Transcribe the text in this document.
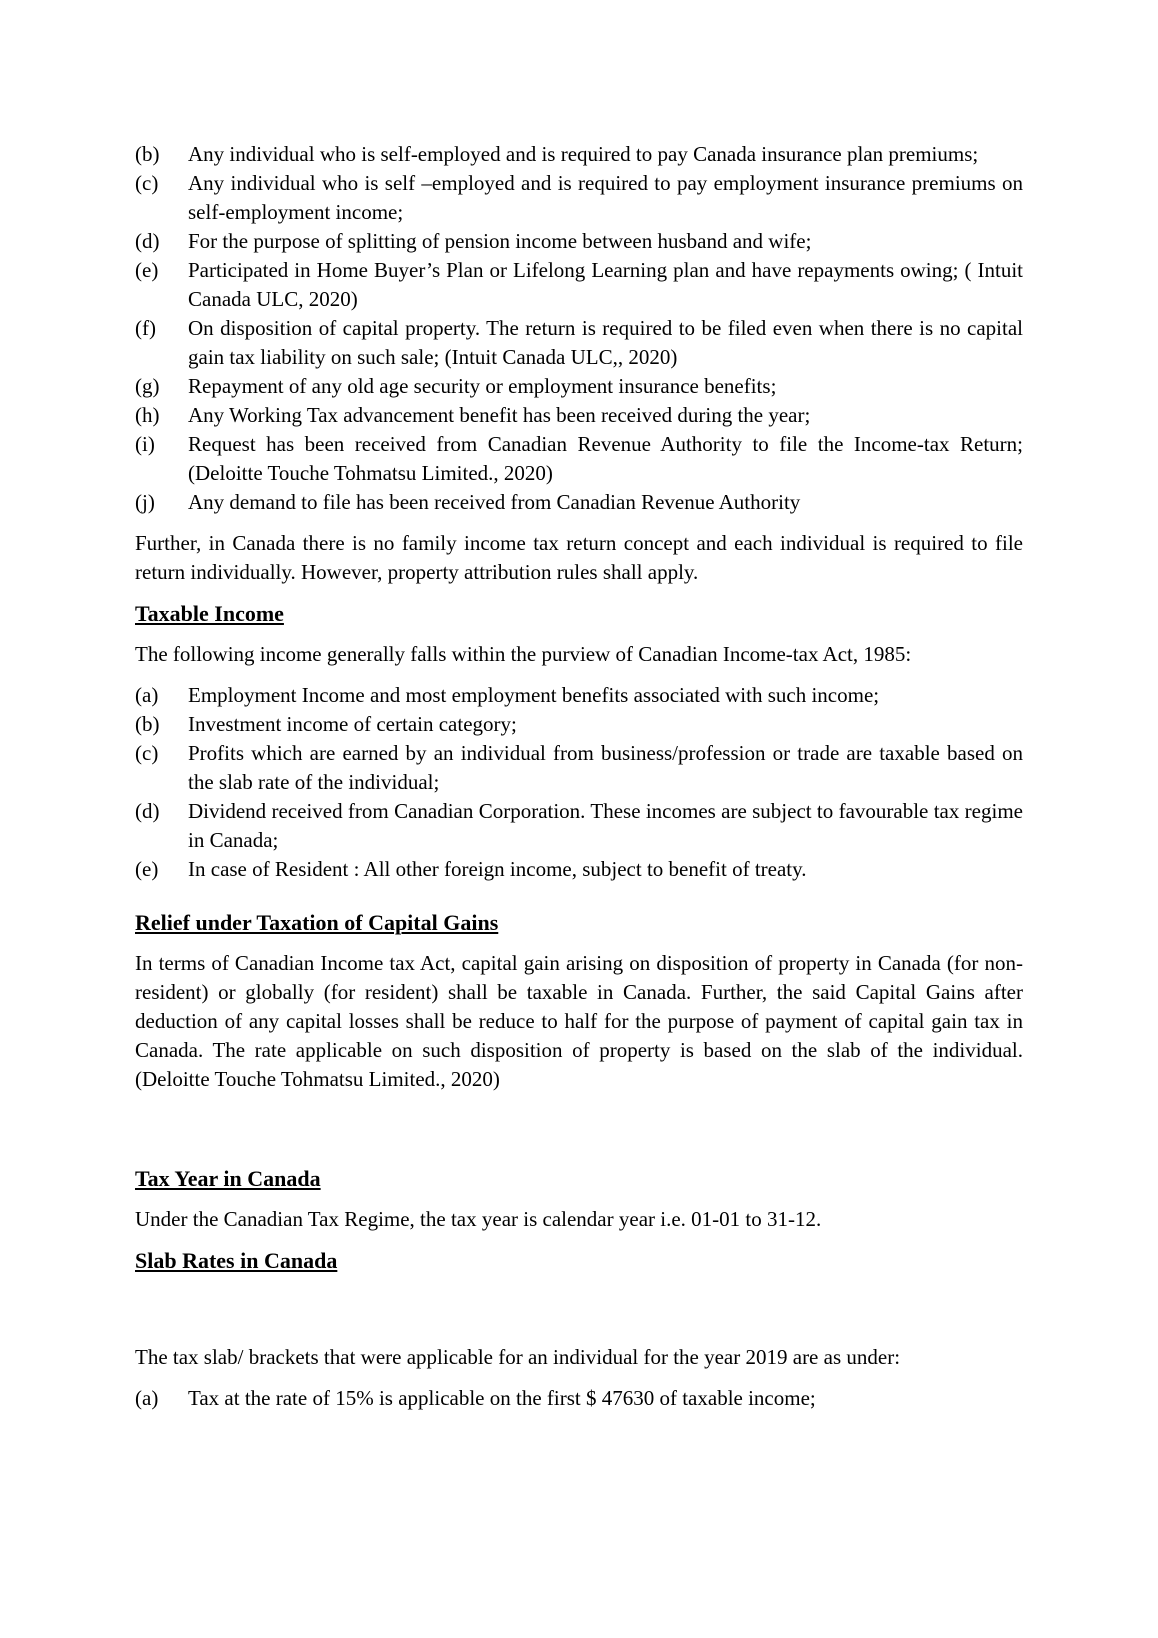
(b)	Any individual who is self-employed and is required to pay Canada insurance plan premiums;
(c)	Any individual who is self –employed and is required to pay employment insurance premiums on self-employment income;
(d)	For the purpose of splitting of pension income between husband and wife;
(e)	Participated in Home Buyer’s Plan or Lifelong Learning plan and have repayments owing; ( Intuit Canada ULC, 2020)
(f)	On disposition of capital property. The return is required to be filed even when there is no capital gain tax liability on such sale; (Intuit Canada ULC,, 2020)
(g)	Repayment of any old age security or employment insurance benefits;
(h)	Any Working Tax advancement benefit has been received during the year;
(i)	Request has been received from Canadian Revenue Authority to file the Income-tax Return; (Deloitte Touche Tohmatsu Limited., 2020)
(j)	Any demand to file has been received from Canadian Revenue Authority

Further, in Canada there is no family income tax return concept and each individual is required to file return individually. However, property attribution rules shall apply.

Taxable Income

The following income generally falls within the purview of Canadian Income-tax Act, 1985:

(a)	Employment Income and most employment benefits associated with such income;
(b)	Investment income of certain category;
(c)	Profits which are earned by an individual from business/profession or trade are taxable based on the slab rate of the individual;
(d)	Dividend received from Canadian Corporation. These incomes are subject to favourable tax regime in Canada;
(e)	In case of Resident : All other foreign income, subject to benefit of treaty.
Relief under Taxation of Capital Gains

In terms of Canadian Income tax Act, capital gain arising on disposition of property in Canada (for non-resident) or globally (for resident) shall be taxable in Canada. Further, the said Capital Gains after deduction of any capital losses shall be reduce to half for the purpose of payment of capital gain tax in Canada. The rate applicable on such disposition of property is based on the slab of the individual. (Deloitte Touche Tohmatsu Limited., 2020)

Tax Year in Canada

Under the Canadian Tax Regime, the tax year is calendar year i.e. 01-01 to 31-12.

Slab Rates in Canada

The tax slab/ brackets that were applicable for an individual for the year 2019 are as under:

(a)	Tax at the rate of 15% is applicable on the first $ 47630 of taxable income;
